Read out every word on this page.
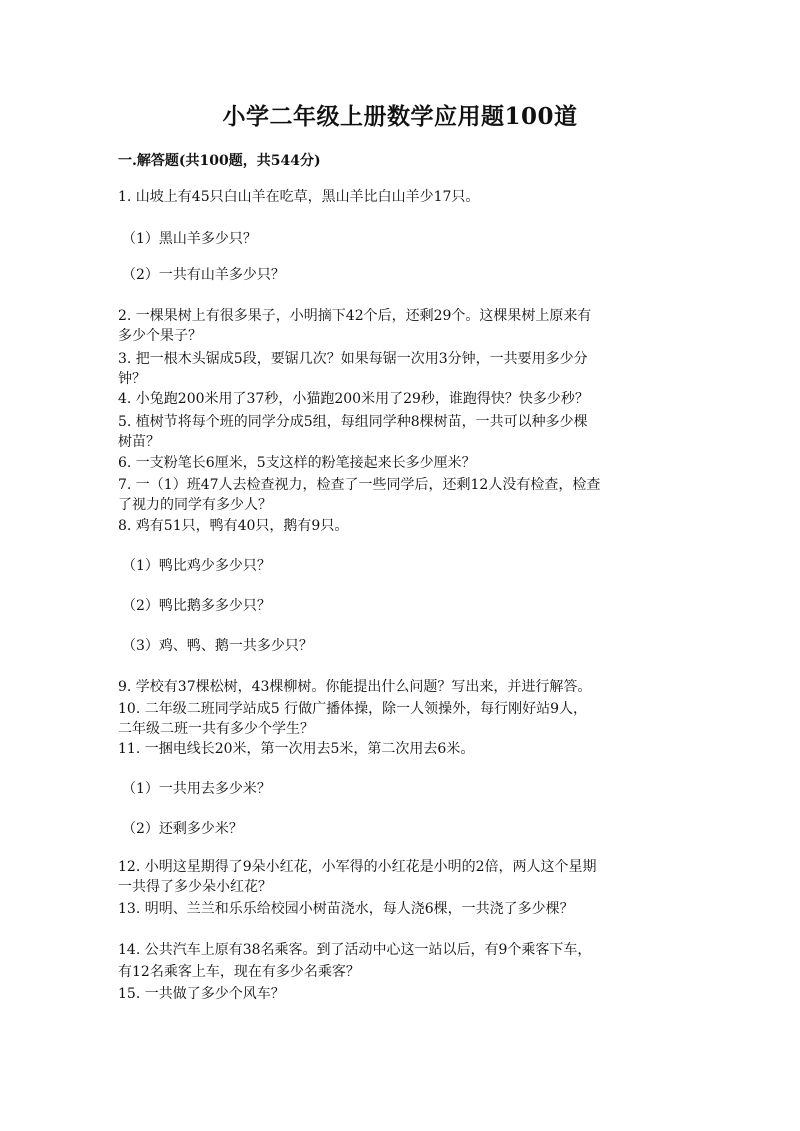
小学二年级上册数学应用题100道
一.解答题(共100题，共544分)
1. 山坡上有45只白山羊在吃草，黑山羊比白山羊少17只。
（1）黑山羊多少只？
（2）一共有山羊多少只？
2. 一棵果树上有很多果子，小明摘下42个后，还剩29个。这棵果树上原来有
多少个果子？
3. 把一根木头锯成5段，要锯几次？如果每锯一次用3分钟，一共要用多少分
钟？
4. 小兔跑200米用了37秒，小猫跑200米用了29秒，谁跑得快？快多少秒？
5. 植树节将每个班的同学分成5组，每组同学种8棵树苗，一共可以种多少棵
树苗？
6. 一支粉笔长6厘米，5支这样的粉笔接起来长多少厘米？
7. 一（1）班47人去检查视力，检查了一些同学后，还剩12人没有检查，检查
了视力的同学有多少人？
8. 鸡有51只，鸭有40只，鹅有9只。
（1）鸭比鸡少多少只？
（2）鸭比鹅多多少只？
（3）鸡、鸭、鹅一共多少只？
9. 学校有37棵松树，43棵柳树。你能提出什么问题？写出来，并进行解答。
10. 二年级二班同学站成5 行做广播体操，除一人领操外，每行刚好站9人，
二年级二班一共有多少个学生？
11. 一捆电线长20米，第一次用去5米，第二次用去6米。
（1）一共用去多少米？
（2）还剩多少米？
12. 小明这星期得了9朵小红花，小军得的小红花是小明的2倍，两人这个星期
一共得了多少朵小红花？
13. 明明、兰兰和乐乐给校园小树苗浇水，每人浇6棵，一共浇了多少棵？
14. 公共汽车上原有38名乘客。到了活动中心这一站以后，有9个乘客下车，
有12名乘客上车，现在有多少名乘客？
15. 一共做了多少个风车？
